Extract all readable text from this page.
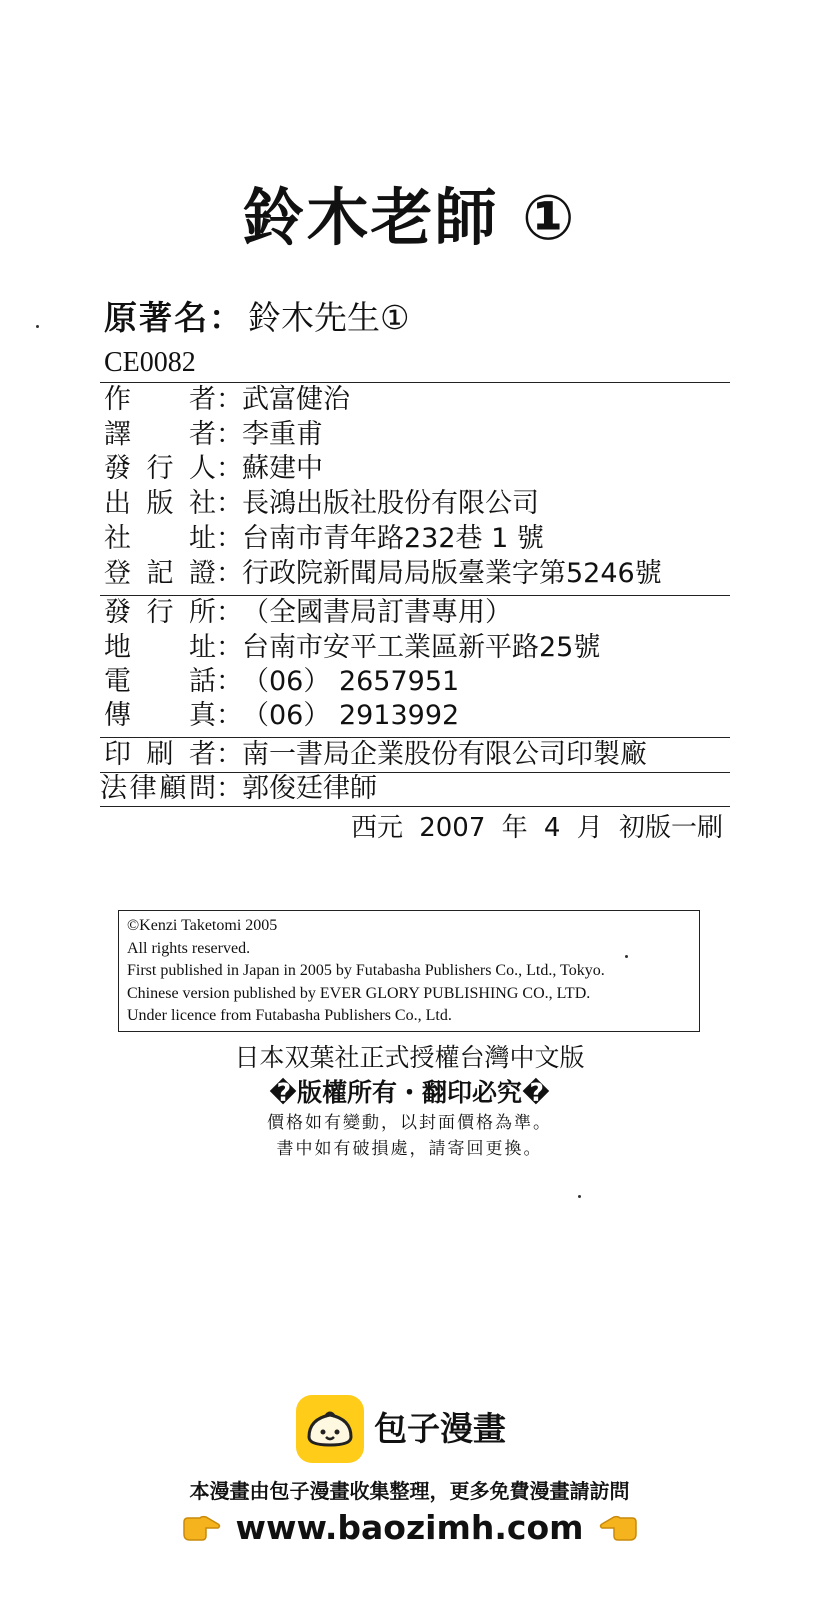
鈴木老師 ①
原著名： 鈴木先生①
CE0082
作 者 ： 武富健治
譯 者 ： 李重甫
發 行 人 ： 蘇建中
出 版 社 ： 長鴻出版社股份有限公司
社 址 ： 台南市青年路232巷 1 號
登 記 證 ： 行政院新聞局局版臺業字第5246號
發 行 所 ： （全國書局訂書專用）
地 址 ： 台南市安平工業區新平路25號
電 話 ： （06） 2657951
傳 真 ： （06） 2913992
印 刷 者 ： 南一書局企業股份有限公司印製廠
法 律 顧 問 ： 郭俊廷律師
西元 2007 年 4 月 初版一刷
©Kenzi Taketomi 2005
All rights reserved.
First published in Japan in 2005 by Futabasha Publishers Co., Ltd., Tokyo.
Chinese version published by EVER GLORY PUBLISHING CO., LTD.
Under licence from Futabasha Publishers Co., Ltd.
日本双葉社正式授權台灣中文版
�版權所有・翻印必究�
價格如有變動，以封面價格為準。
書中如有破損處，請寄回更換。
包子漫畫
本漫畫由包子漫畫收集整理，更多免費漫畫請訪問
www.baozimh.com
